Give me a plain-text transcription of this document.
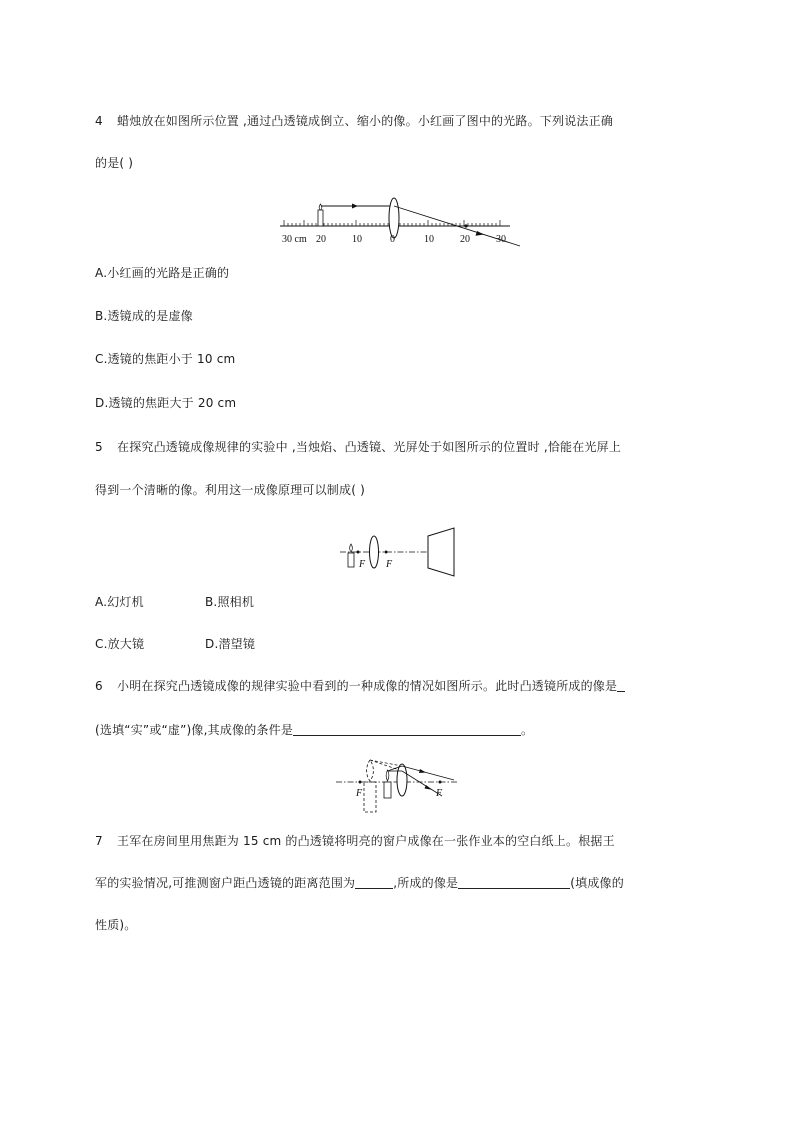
4 蜡烛放在如图所示位置 ,通过凸透镜成倒立、缩小的像。小红画了图中的光路。下列说法正确
的是( )
30 cm 20	10	0	10	20	30
A.小红画的光路是正确的
B.透镜成的是虚像
C.透镜的焦距小于 10 cm
D.透镜的焦距大于 20 cm
5 在探究凸透镜成像规律的实验中 ,当烛焰、凸透镜、光屏处于如图所示的位置时 ,恰能在光屏上
得到一个清晰的像。利用这一成像原理可以制成( )
F F
A.幻灯机	B.照相机
C.放大镜	D.潜望镜
6 小明在探究凸透镜成像的规律实验中看到的一种成像的情况如图所示。此时凸透镜所成的像是
(选填“实”或“虚”)像,其成像的条件是	。
F	F
7 王军在房间里用焦距为 15 cm 的凸透镜将明亮的窗户成像在一张作业本的空白纸上。根据王
军的实验情况,可推测窗户距凸透镜的距离范围为	,所成的像是	(填成像的
性质)。
